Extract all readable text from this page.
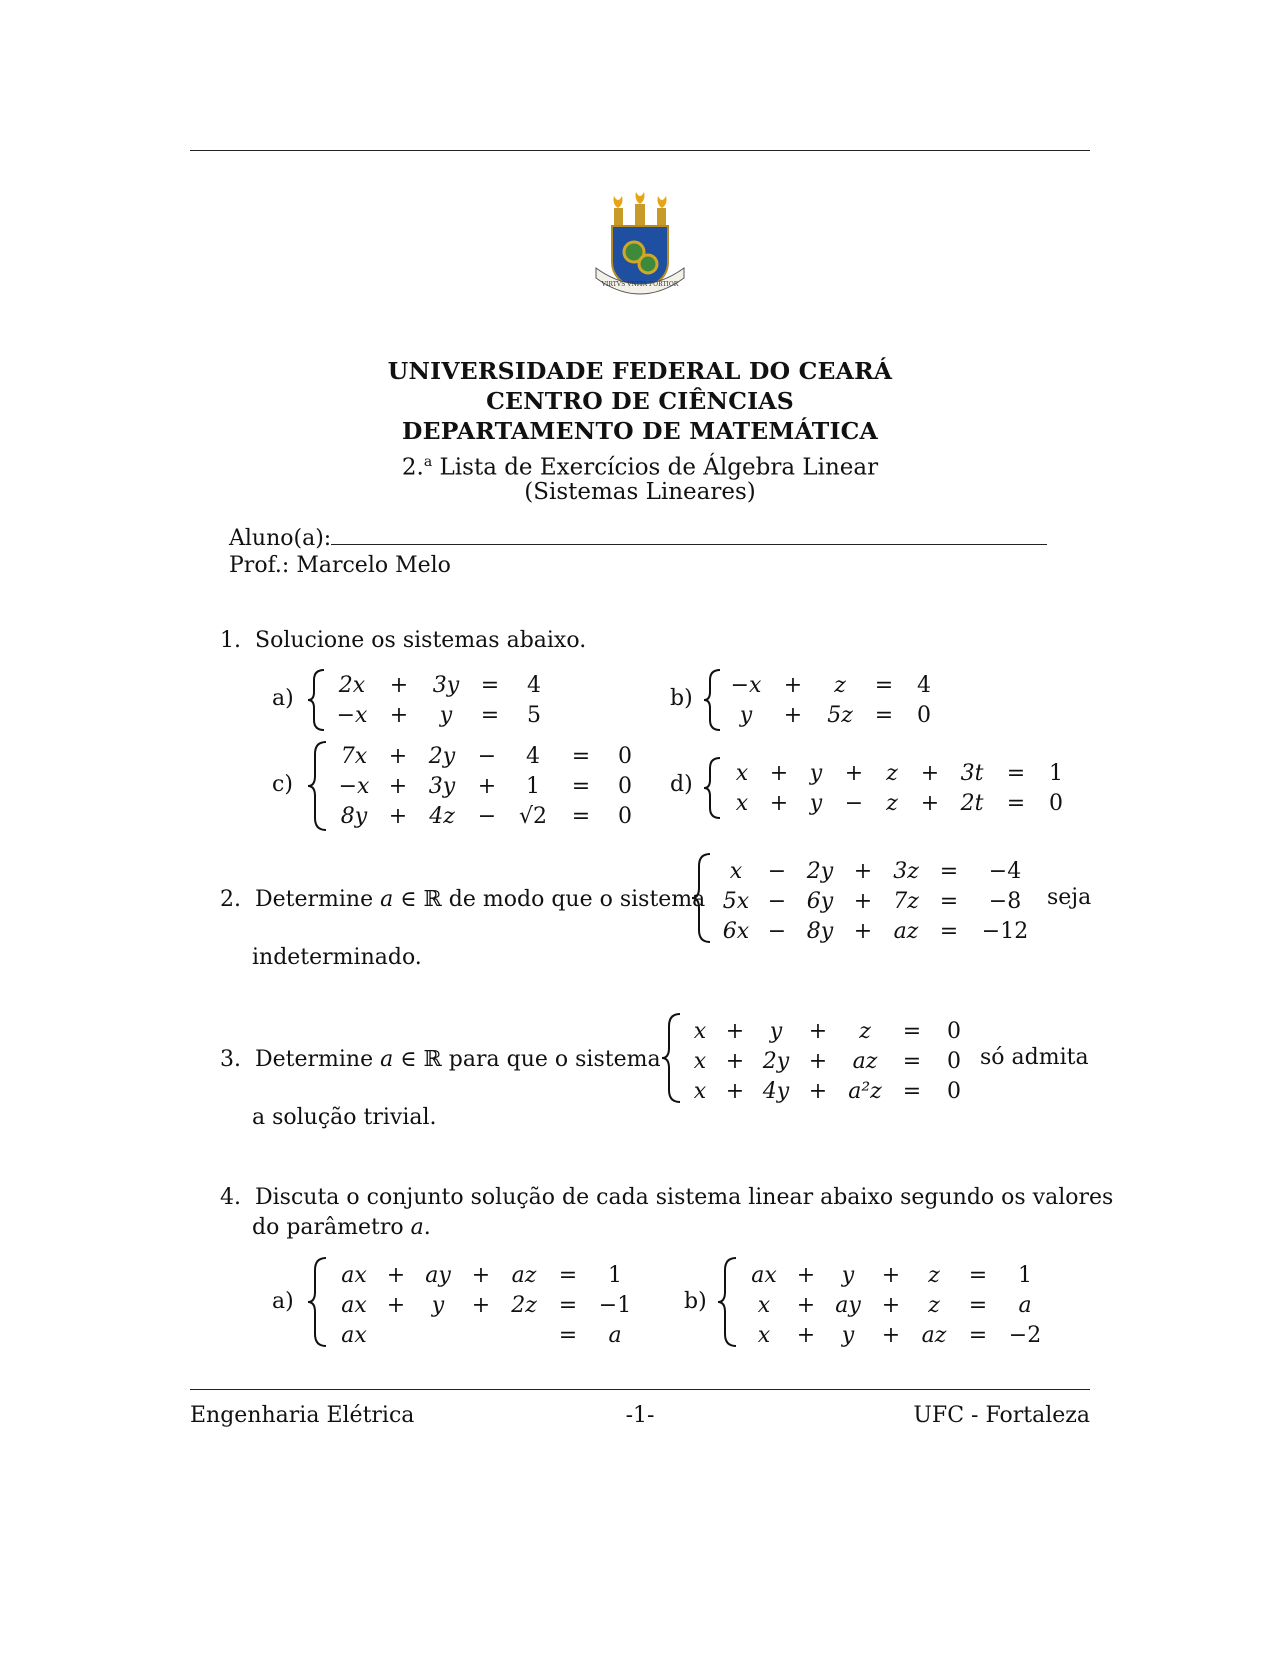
VIRTVS VNITA FORTIOR
UNIVERSIDADE FEDERAL DO CEARÁ
CENTRO DE CIÊNCIAS
DEPARTAMENTO DE MATEMÁTICA
2.$^a$ Lista de Exercícios de Álgebra Linear
(Sistemas Lineares)
Aluno(a):
Prof.: Marcelo Melo
1. Solucione os sistemas abaixo.
a)
2x	+	3y	=	4
−x	+	y	=	5
b)
−x	+	z	=	4
y	+	5z	=	0
c)
7x	+	2y	−	4	=	0
−x	+	3y	+	1	=	0
8y	+	4z	−	√2	=	0
d) x	+	y	+	z	+	3t	=	1
x	+	y	−	z	+	2t	=	0
2. Determine a ∈ ℝ de modo que o sistema
x	−	2y	+	3z	=	−4
5x	−	6y	+	7z	=	−8
6x	−	8y	+	az	=	−12
seja
indeterminado.
3. Determine a ∈ ℝ para que o sistema
x	+	y	+	z	=	0
x	+	2y	+	az	=	0
x	+	4y	+	a²z	=	0
só admita
a solução trivial.
4. Discuta o conjunto solução de cada sistema linear abaixo segundo os valores
do parâmetro a.
a)
ax	+	ay	+	az	=	1
ax	+	y	+	2z	=	−1
ax					=	a
b)
ax	+	y	+	z	=	1
x	+	ay	+	z	=	a
x	+	y	+	az	=	−2
Engenharia Elétrica	-1-	UFC - Fortaleza
